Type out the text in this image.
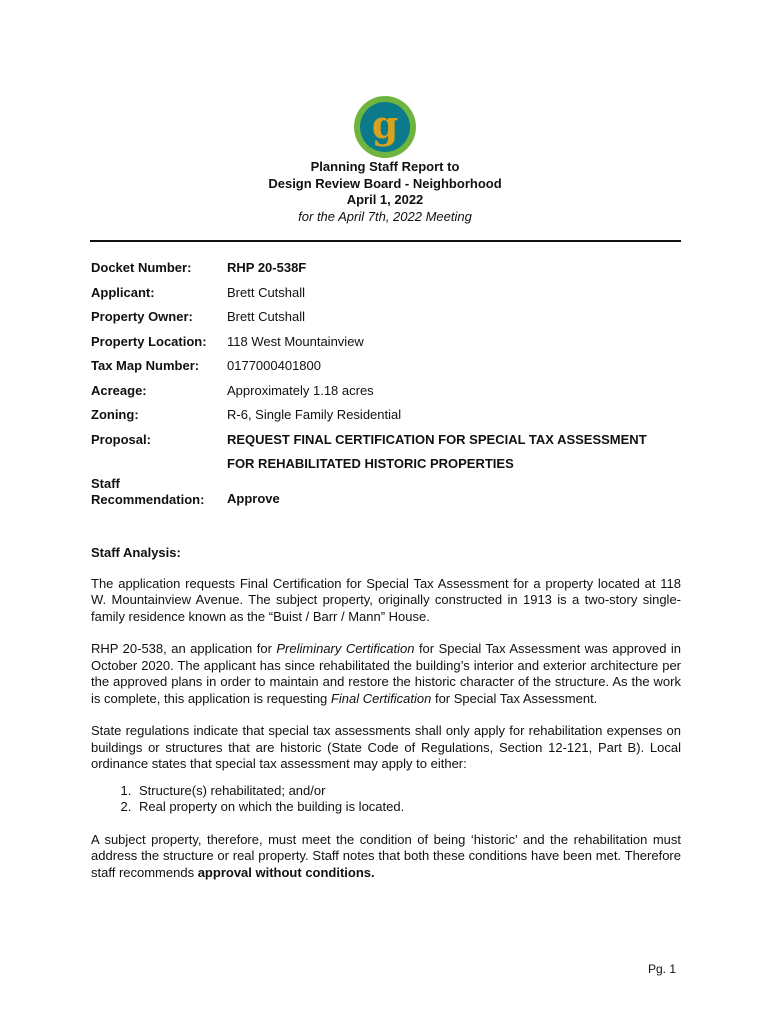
g
Planning Staff Report to
Design Review Board - Neighborhood
April 1, 2022
for the April 7th, 2022 Meeting
Docket Number:	RHP 20-538F
Applicant:	Brett Cutshall
Property Owner:	Brett Cutshall
Property Location: 118 West Mountainview
Tax Map Number: 0177000401800
Acreage:	Approximately 1.18 acres
Zoning:	R-6, Single Family Residential
Proposal:	REQUEST FINAL CERTIFICATION FOR SPECIAL TAX ASSESSMENT
FOR REHABILITATED HISTORIC PROPERTIES
Staff
Recommendation: Approve
Staff Analysis:

The application requests Final Certification for Special Tax Assessment for a property located at 118 W. Mountainview Avenue. The subject property, originally constructed in 1913 is a two-story single-family residence known as the “Buist / Barr / Mann” House.

RHP 20-538, an application for Preliminary Certification for Special Tax Assessment was approved in October 2020. The applicant has since rehabilitated the building’s interior and exterior architecture per the approved plans in order to maintain and restore the historic character of the structure. As the work is complete, this application is requesting Final Certification for Special Tax Assessment.

State regulations indicate that special tax assessments shall only apply for rehabilitation expenses on buildings or structures that are historic (State Code of Regulations, Section 12-121, Part B). Local ordinance states that special tax assessment may apply to either:

1. Structure(s) rehabilitated; and/or
2. Real property on which the building is located.

A subject property, therefore, must meet the condition of being ‘historic’ and the rehabilitation must address the structure or real property. Staff notes that both these conditions have been met. Therefore staff recommends approval without conditions.

Pg. 1
